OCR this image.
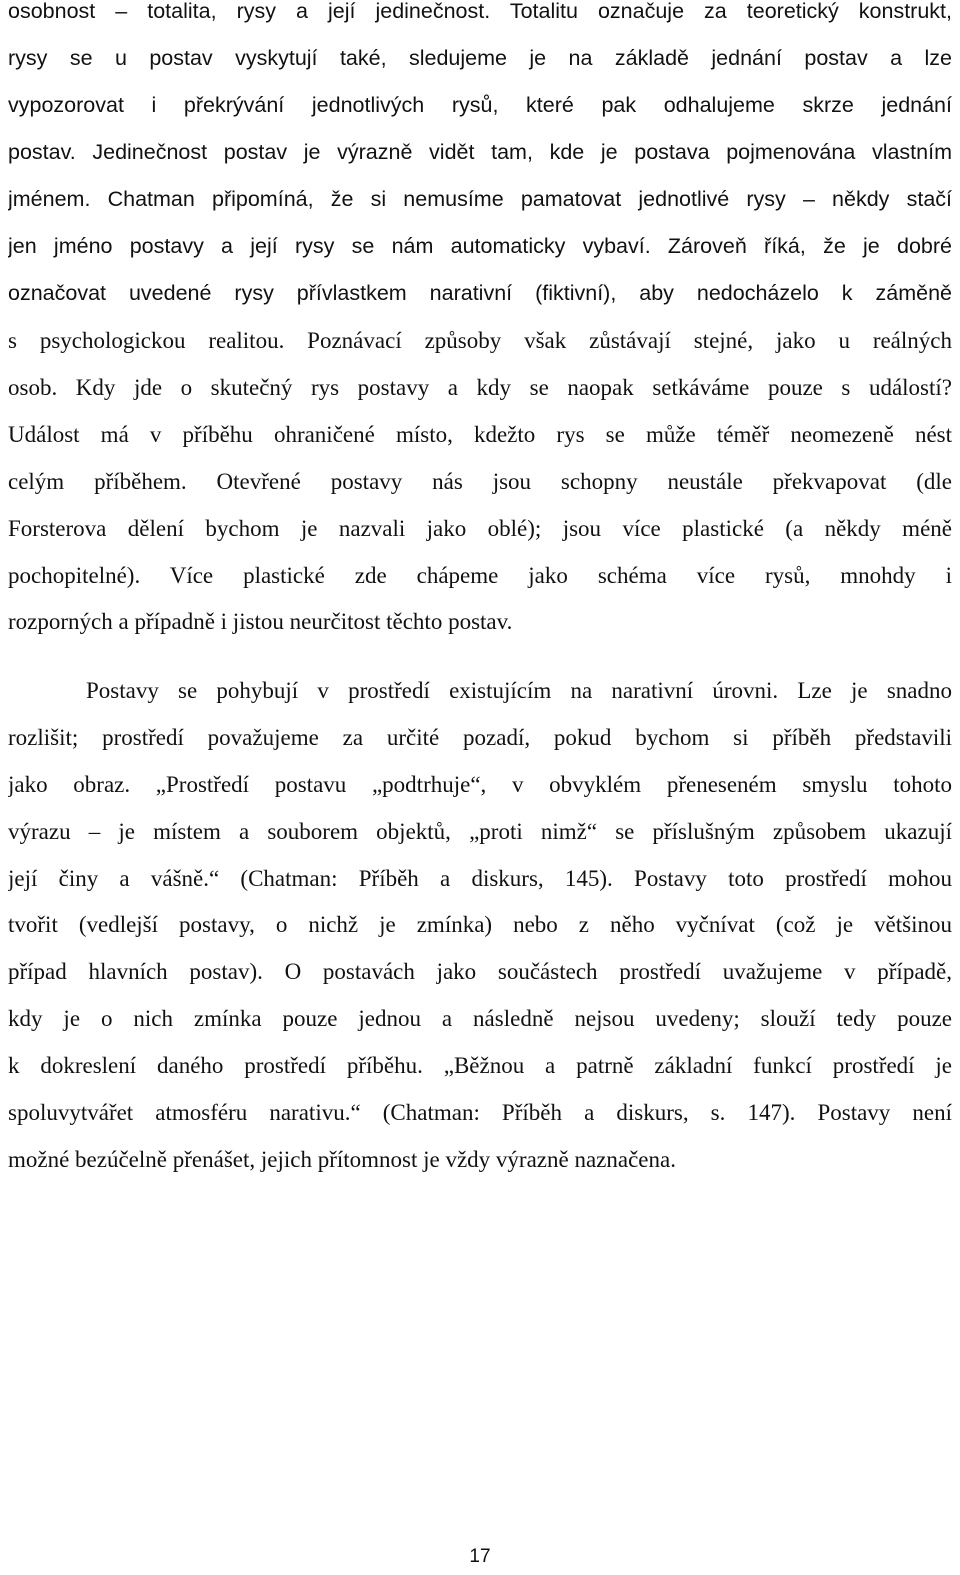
osobnost – totalita, rysy a její jedinečnost. Totalitu označuje za teoretický konstrukt,
rysy se u postav vyskytují také, sledujeme je na základě jednání postav a lze
vypozorovat i překrývání jednotlivých rysů, které pak odhalujeme skrze jednání
postav. Jedinečnost postav je výrazně vidět tam, kde je postava pojmenována vlastním
jménem. Chatman připomíná, že si nemusíme pamatovat jednotlivé rysy – někdy stačí
jen jméno postavy a její rysy se nám automaticky vybaví. Zároveň říká, že je dobré
označovat uvedené rysy přívlastkem narativní (fiktivní), aby nedocházelo k záměně
s psychologickou realitou. Poznávací způsoby však zůstávají stejné, jako u reálných
osob. Kdy jde o skutečný rys postavy a kdy se naopak setkáváme pouze s událostí?
Událost má v příběhu ohraničené místo, kdežto rys se může téměř neomezeně nést
celým příběhem. Otevřené postavy nás jsou schopny neustále překvapovat (dle
Forsterova dělení bychom je nazvali jako oblé); jsou více plastické (a někdy méně
pochopitelné). Více plastické zde chápeme jako schéma více rysů, mnohdy i
rozporných a případně i jistou neurčitost těchto postav.
Postavy se pohybují v prostředí existujícím na narativní úrovni. Lze je snadno
rozlišit; prostředí považujeme za určité pozadí, pokud bychom si příběh představili
jako obraz. „Prostředí postavu „podtrhuje“, v obvyklém přeneseném smyslu tohoto
výrazu – je místem a souborem objektů, „proti nimž“ se příslušným způsobem ukazují
její činy a vášně.“ (Chatman: Příběh a diskurs, 145). Postavy toto prostředí mohou
tvořit (vedlejší postavy, o nichž je zmínka) nebo z něho vyčnívat (což je většinou
případ hlavních postav). O postavách jako součástech prostředí uvažujeme v případě,
kdy je o nich zmínka pouze jednou a následně nejsou uvedeny; slouží tedy pouze
k dokreslení daného prostředí příběhu. „Běžnou a patrně základní funkcí prostředí je
spoluvytvářet atmosféru narativu.“ (Chatman: Příběh a diskurs, s. 147). Postavy není
možné bezúčelně přenášet, jejich přítomnost je vždy výrazně naznačena.
17
